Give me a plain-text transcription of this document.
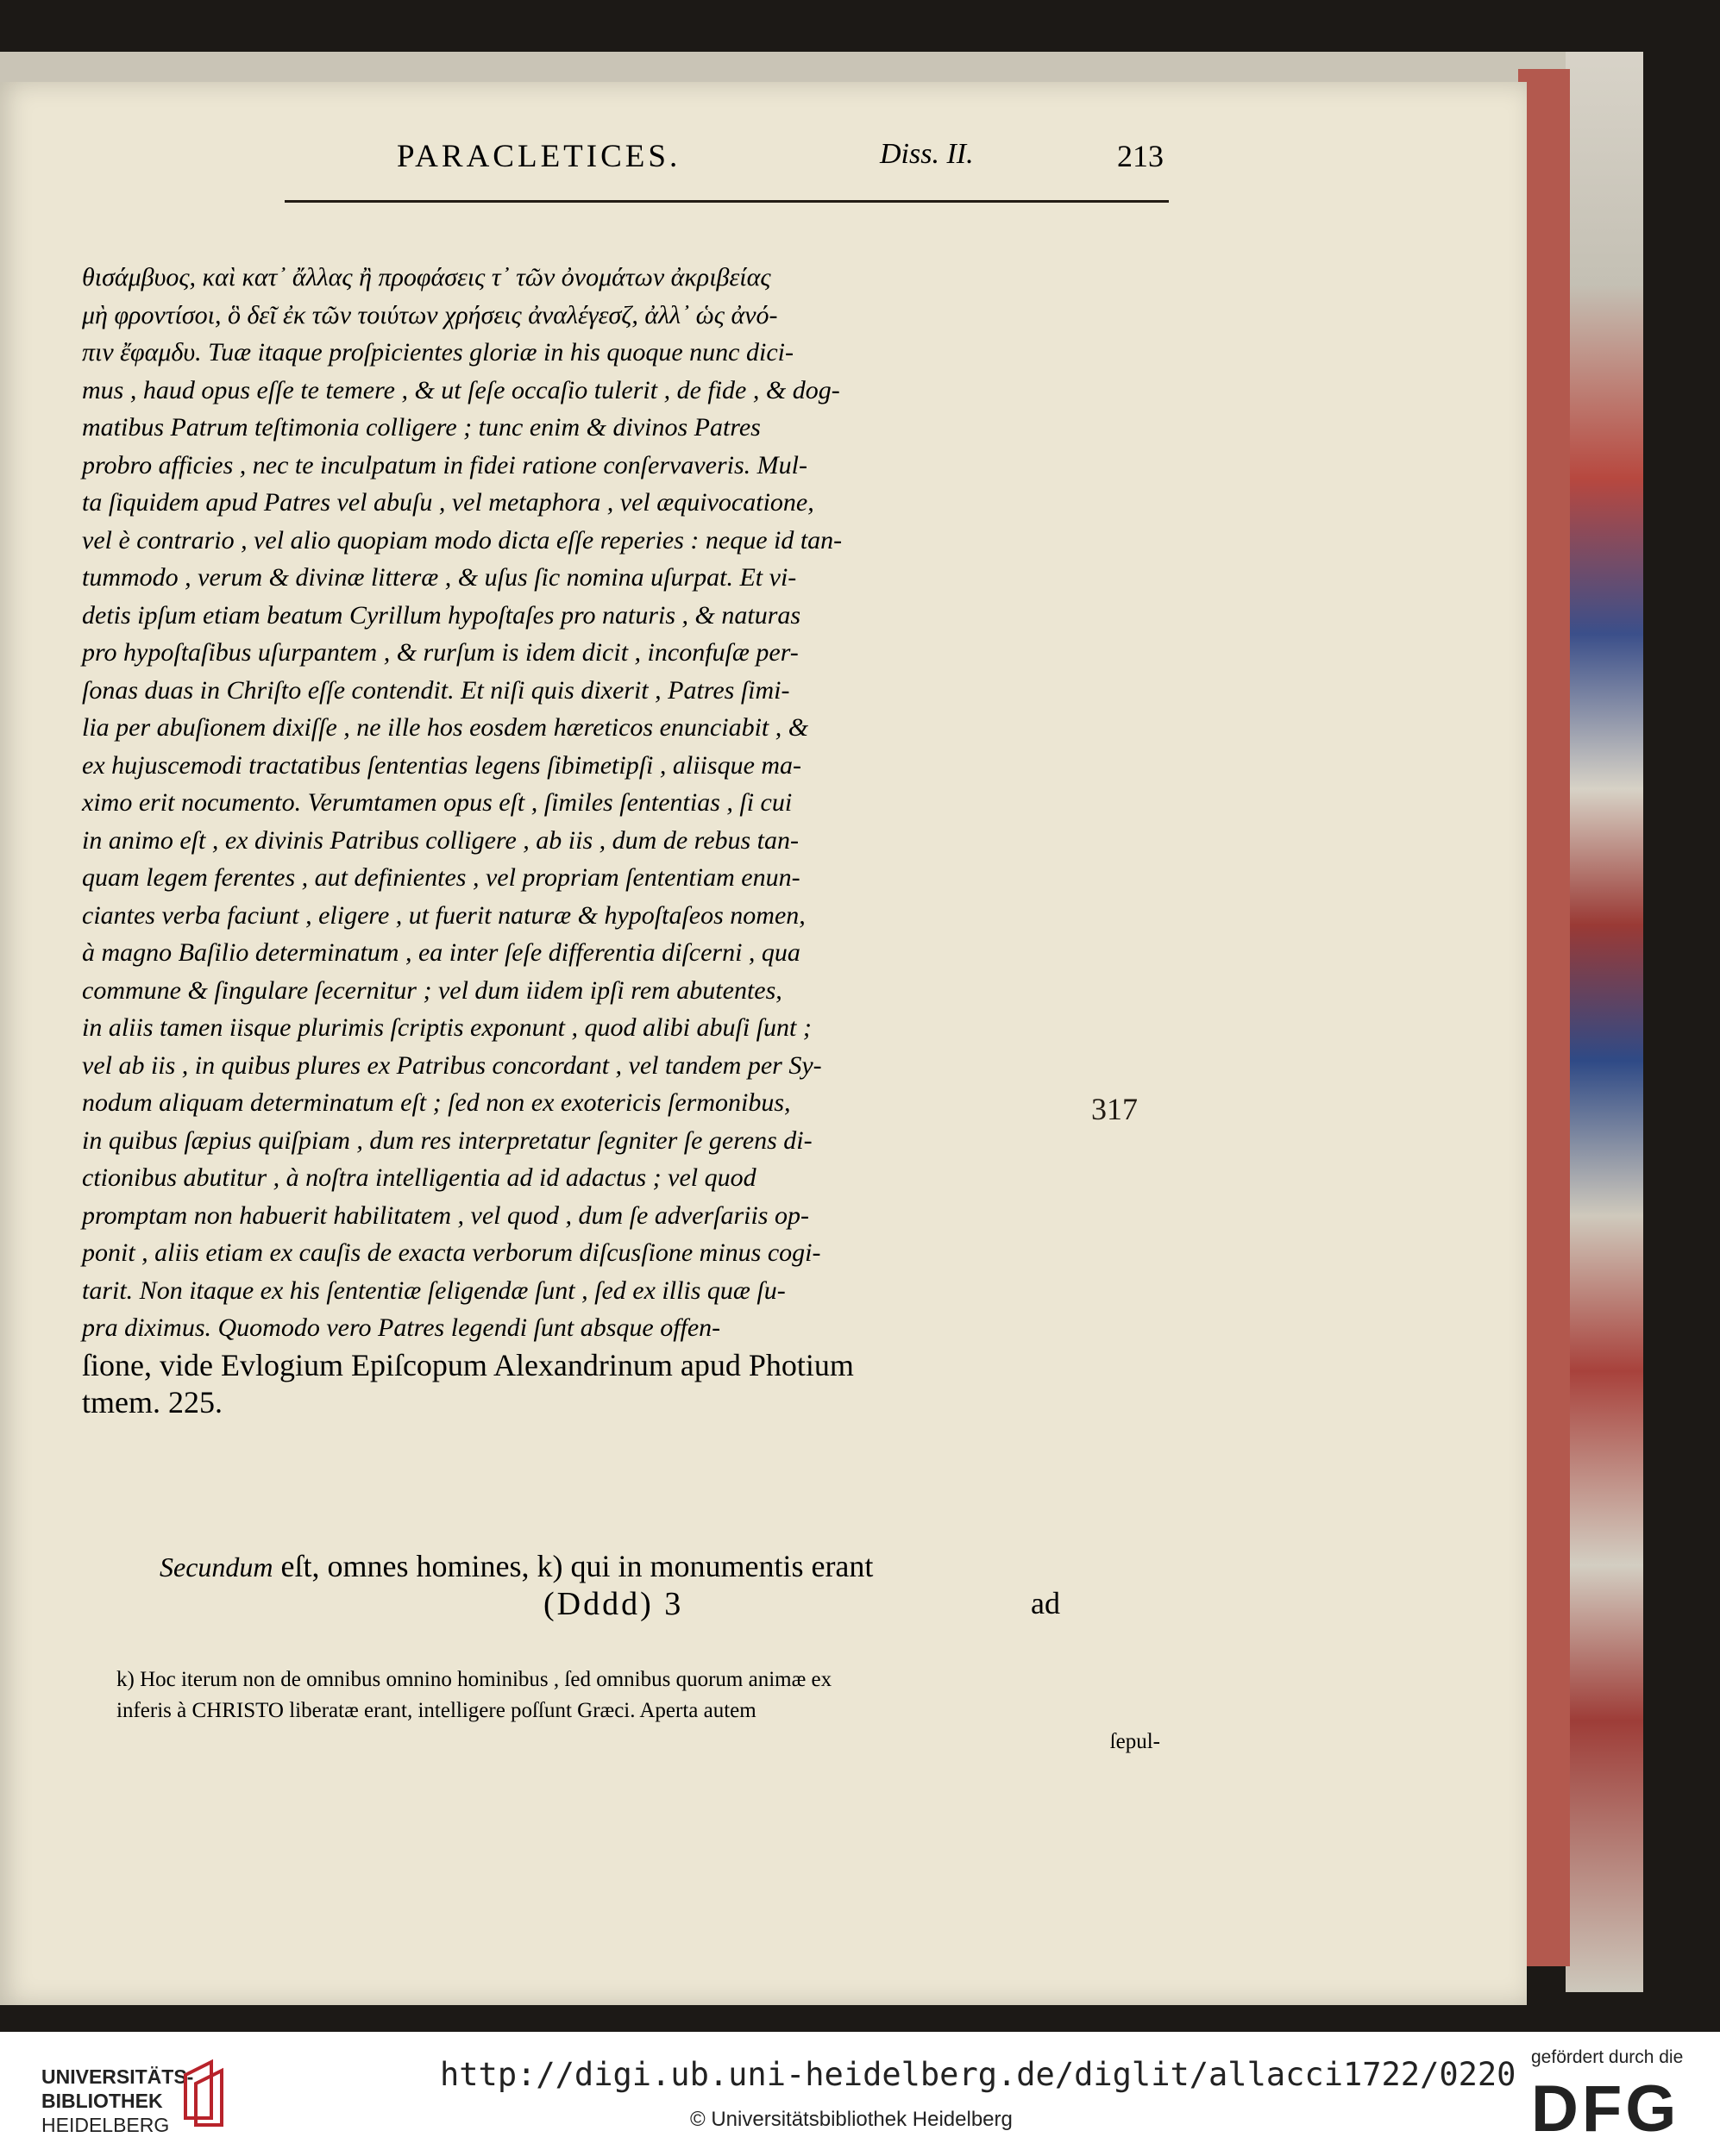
PARACLETICES.	Diss. II.	213
θισάμβυος, καὶ κατ᾽ ἄλλας ἢ προφάσεις τ᾽ τῶν ὀνομάτων ἀκριβείας
μὴ φροντίσοι, ὃ δεῖ ἐκ τῶν τοιύτων χρήσεις ἀναλέγεσζ, ἀλλ᾽ ὡς ἀνό-
πιν ἔφαμδυ. Tuæ itaque proſpicientes gloriæ in his quoque nunc dici-
mus , haud opus eſſe te temere , & ut ſeſe occaſio tulerit , de fide , & dog-
matibus Patrum teſtimonia colligere ; tunc enim & divinos Patres
probro afficies , nec te inculpatum in fidei ratione conſervaveris. Mul-
ta ſiquidem apud Patres vel abuſu , vel metaphora , vel æquivocatione,
vel è contrario , vel alio quopiam modo dicta eſſe reperies : neque id tan-
tummodo , verum & divinæ litteræ , & uſus ſic nomina uſurpat. Et vi-
detis ipſum etiam beatum Cyrillum hypoſtaſes pro naturis , & naturas
pro hypoſtaſibus uſurpantem , & rurſum is idem dicit , inconfuſæ per-
ſonas duas in Chriſto eſſe contendit. Et niſi quis dixerit , Patres ſimi-
lia per abuſionem dixiſſe , ne ille hos eosdem hæreticos enunciabit , &
ex hujuscemodi tractatibus ſententias legens ſibimetipſi , aliisque ma-
ximo erit nocumento. Verumtamen opus eſt , ſimiles ſententias , ſi cui
in animo eſt , ex divinis Patribus colligere , ab iis , dum de rebus tan-
quam legem ferentes , aut definientes , vel propriam ſententiam enun-
ciantes verba faciunt , eligere , ut fuerit naturæ & hypoſtaſeos nomen,
à magno Baſilio determinatum , ea inter ſeſe differentia diſcerni , qua
commune & ſingulare ſecernitur ; vel dum iidem ipſi rem abutentes,
in aliis tamen iisque plurimis ſcriptis exponunt , quod alibi abuſi ſunt ;
vel ab iis , in quibus plures ex Patribus concordant , vel tandem per Sy-
nodum aliquam determinatum eſt ; ſed non ex exotericis ſermonibus,
in quibus ſæpius quiſpiam , dum res interpretatur ſegniter ſe gerens di-
ctionibus abutitur , à noſtra intelligentia ad id adactus ; vel quod
promptam non habuerit habilitatem , vel quod , dum ſe adverſariis op-
ponit , aliis etiam ex cauſis de exacta verborum diſcusſione minus cogi-
tarit. Non itaque ex his ſententiæ ſeligendæ ſunt , ſed ex illis quæ ſu-
pra diximus. Quomodo vero Patres legendi ſunt absque offen-
ſione, vide Evlogium Epiſcopum Alexandrinum apud Photium
tmem. 225.
317
Secundum eſt, omnes homines, k) qui in monumentis erant
(Dddd) 3	ad
k) Hoc iterum non de omnibus omnino hominibus , ſed omnibus quorum animæ ex
inferis à CHRISTO liberatæ erant, intelligere poſſunt Græci. Aperta autem
ſepul-
UNIVERSITÄTS-
BIBLIOTHEK
HEIDELBERG
http://digi.ub.uni-heidelberg.de/diglit/allacci1722/0220
© Universitätsbibliothek Heidelberg
gefördert durch die
DFG
